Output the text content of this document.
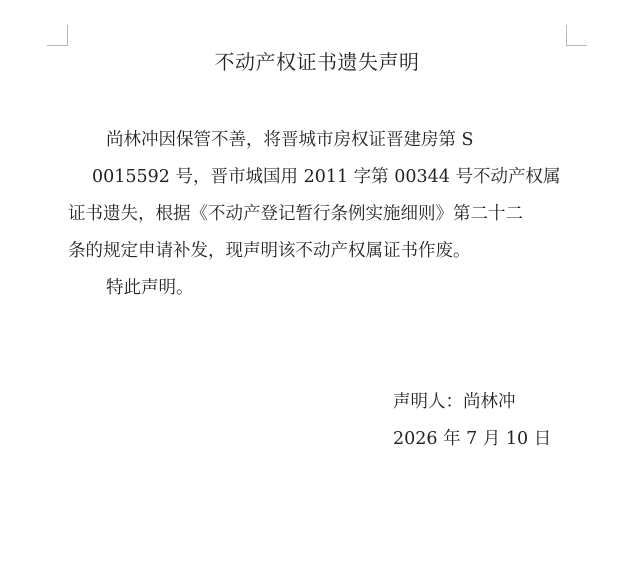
不动产权证书遗失声明
尚林冲因保管不善，将晋城市房权证晋建房第 S
0015592 号，晋市城国用 2011 字第 00344 号不动产权属
证书遗失，根据《不动产登记暂行条例实施细则》第二十二
条的规定申请补发，现声明该不动产权属证书作废。
特此声明。
声明人：尚林冲
2026 年 7 月 10 日
